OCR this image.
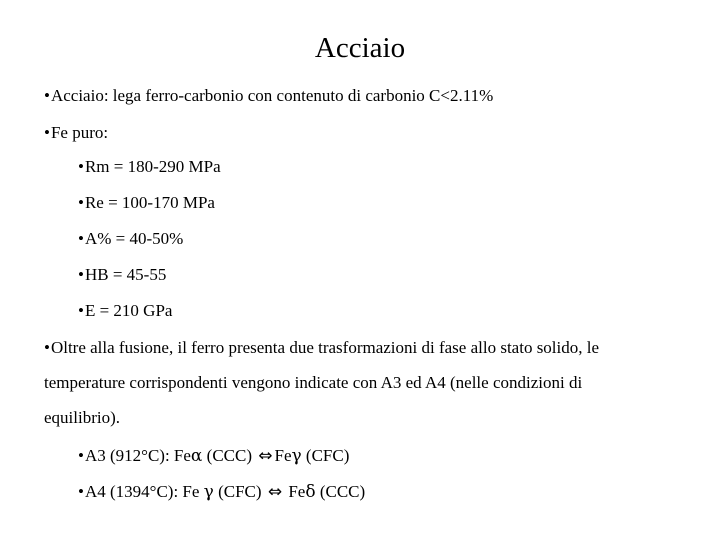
Acciaio
•Acciaio: lega ferro-carbonio con contenuto di carbonio C<2.11%
•Fe puro:
•Rm = 180-290 MPa
•Re = 100-170 MPa
•A% = 40-50%
•HB = 45-55
•E = 210 GPa
•Oltre alla fusione, il ferro presenta due trasformazioni di fase allo stato solido, le
temperature corrispondenti vengono indicate con A3 ed A4 (nelle condizioni di
equilibrio).
•A3 (912°C): Feα (CCC) ⇔ Feγ (CFC)
•A4 (1394°C): Fe γ (CFC) ⇔ Feδ (CCC)
